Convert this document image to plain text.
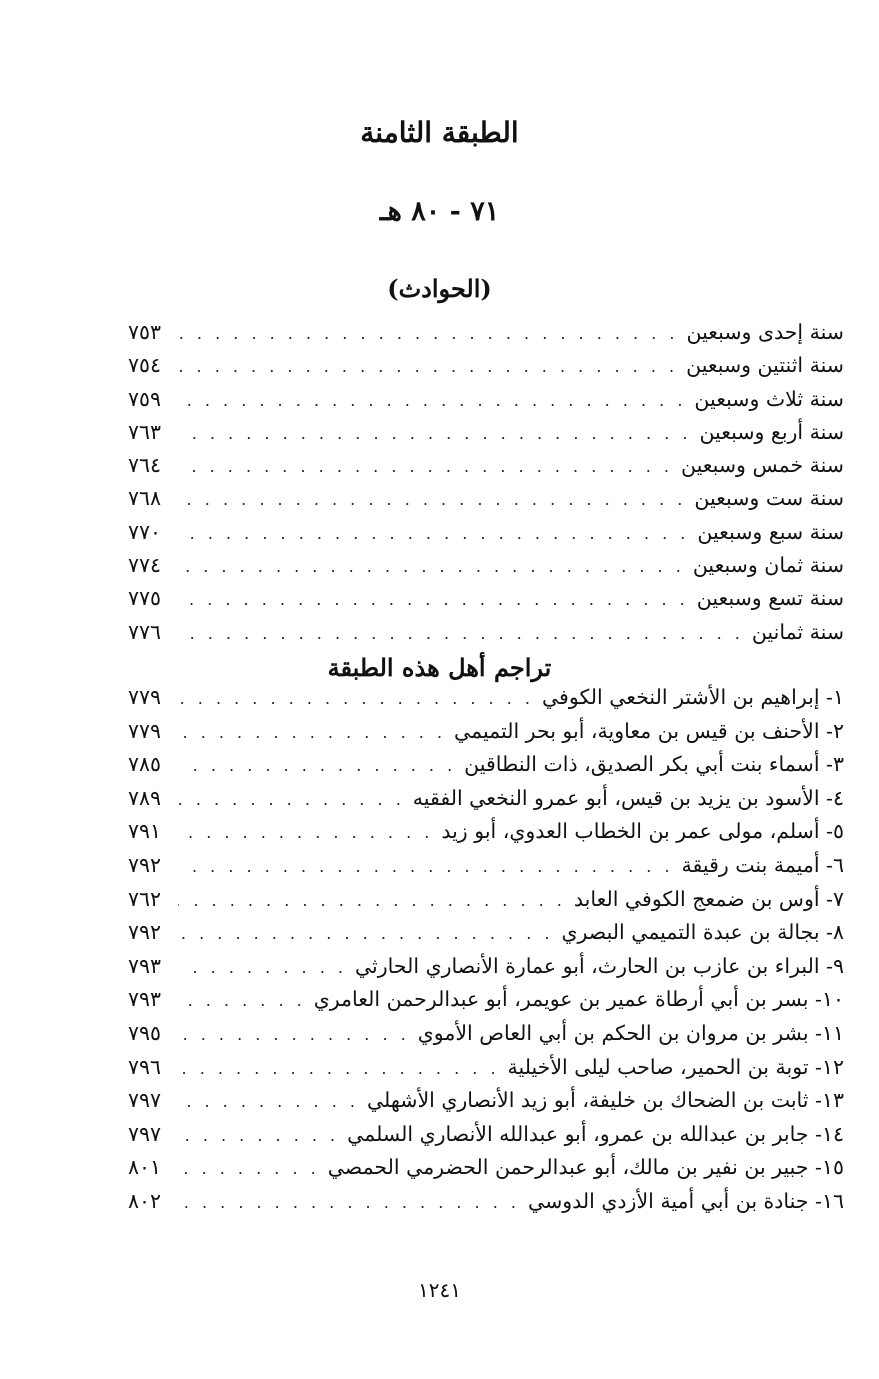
الطبقة الثامنة
٧١ - ٨٠ هـ
(الحوادث)
سنة إحدى وسبعين
. . .
٧٥٣
سنة اثنتين وسبعين
. . .
٧٥٤
سنة ثلاث وسبعين
. . .
٧٥٩
سنة أربع وسبعين
. . .
٧٦٣
سنة خمس وسبعين
. . .
٧٦٤
سنة ست وسبعين
. . .
٧٦٨
سنة سبع وسبعين
. . .
٧٧٠
سنة ثمان وسبعين
. . .
٧٧٤
سنة تسع وسبعين
. . .
٧٧٥
سنة ثمانين
. . .
٧٧٦
تراجم أهل هذه الطبقة
١- إبراهيم بن الأشتر النخعي الكوفي
. . .
٧٧٩
٢- الأحنف بن قيس بن معاوية، أبو بحر التميمي
. . .
٧٧٩
٣- أسماء بنت أبي بكر الصديق، ذات النطاقين
. . .
٧٨٥
٤- الأسود بن يزيد بن قيس، أبو عمرو النخعي الفقيه
. . .
٧٨٩
٥- أسلم، مولى عمر بن الخطاب العدوي، أبو زيد
. . .
٧٩١
٦- أميمة بنت رقيقة
. . .
٧٩٢
٧- أوس بن ضمعج الكوفي العابد
. . .
٧٦٢
٨- بجالة بن عبدة التميمي البصري
. . .
٧٩٢
٩- البراء بن عازب بن الحارث، أبو عمارة الأنصاري الحارثي
. . .
٧٩٣
١٠- بسر بن أبي أرطاة عمير بن عويمر، أبو عبدالرحمن العامري
. . .
٧٩٣
١١- بشر بن مروان بن الحكم بن أبي العاص الأموي
. . .
٧٩٥
١٢- توبة بن الحمير، صاحب ليلى الأخيلية
. . .
٧٩٦
١٣- ثابت بن الضحاك بن خليفة، أبو زيد الأنصاري الأشهلي
. . .
٧٩٧
١٤- جابر بن عبدالله بن عمرو، أبو عبدالله الأنصاري السلمي
. . .
٧٩٧
١٥- جبير بن نفير بن مالك، أبو عبدالرحمن الحضرمي الحمصي
. . .
٨٠١
١٦- جنادة بن أبي أمية الأزدي الدوسي
. . .
٨٠٢
١٢٤١
